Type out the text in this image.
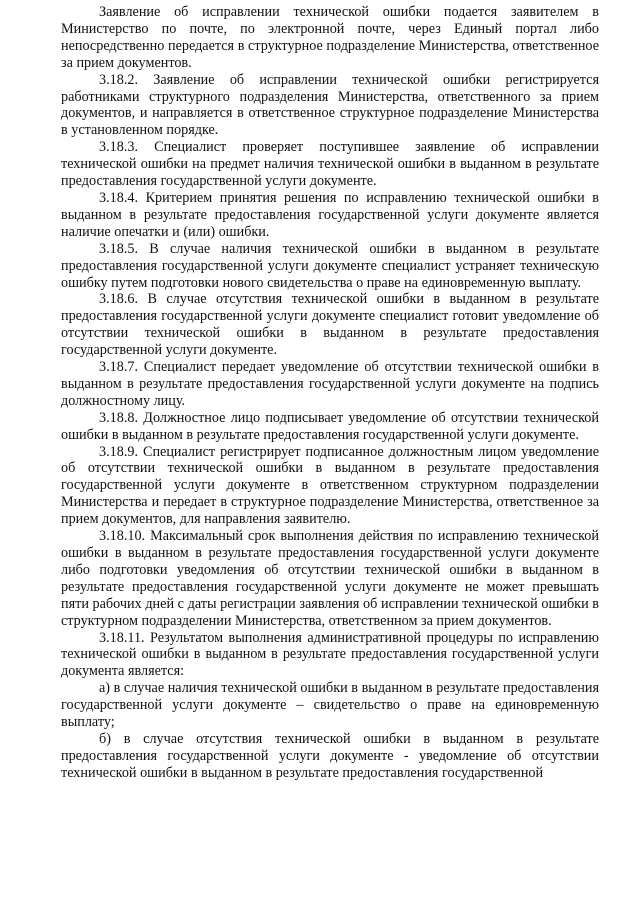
Заявление об исправлении технической ошибки подается заявителем в Министерство по почте, по электронной почте, через Единый портал либо непосредственно передается в структурное подразделение Министерства, ответственное за прием документов.

3.18.2. Заявление об исправлении технической ошибки регистрируется работниками структурного подразделения Министерства, ответственного за прием документов, и направляется в ответственное структурное подразделение Министерства в установленном порядке.

3.18.3. Специалист проверяет поступившее заявление об исправлении технической ошибки на предмет наличия технической ошибки в выданном в результате предоставления государственной услуги документе.

3.18.4. Критерием принятия решения по исправлению технической ошибки в выданном в результате предоставления государственной услуги документе является наличие опечатки и (или) ошибки.

3.18.5. В случае наличия технической ошибки в выданном в результате предоставления государственной услуги документе специалист устраняет техническую ошибку путем подготовки нового свидетельства о праве на единовременную выплату.

3.18.6. В случае отсутствия технической ошибки в выданном в результате предоставления государственной услуги документе специалист готовит уведомление об отсутствии технической ошибки в выданном в результате предоставления государственной услуги документе.

3.18.7. Специалист передает уведомление об отсутствии технической ошибки в выданном в результате предоставления государственной услуги документе на подпись должностному лицу.

3.18.8. Должностное лицо подписывает уведомление об отсутствии технической ошибки в выданном в результате предоставления государственной услуги документе.

3.18.9. Специалист регистрирует подписанное должностным лицом уведомление об отсутствии технической ошибки в выданном в результате предоставления государственной услуги документе в ответственном структурном подразделении Министерства и передает в структурное подразделение Министерства, ответственное за прием документов, для направления заявителю.

3.18.10. Максимальный срок выполнения действия по исправлению технической ошибки в выданном в результате предоставления государственной услуги документе либо подготовки уведомления об отсутствии технической ошибки в выданном в результате предоставления государственной услуги документе не может превышать пяти рабочих дней с даты регистрации заявления об исправлении технической ошибки в структурном подразделении Министерства, ответственном за прием документов.

3.18.11. Результатом выполнения административной процедуры по исправлению технической ошибки в выданном в результате предоставления государственной услуги документа является:

а) в случае наличия технической ошибки в выданном в результате предоставления государственной услуги документе – свидетельство о праве на единовременную выплату;

б) в случае отсутствия технической ошибки в выданном в результате предоставления государственной услуги документе - уведомление об отсутствии технической ошибки в выданном в результате предоставления государственной
